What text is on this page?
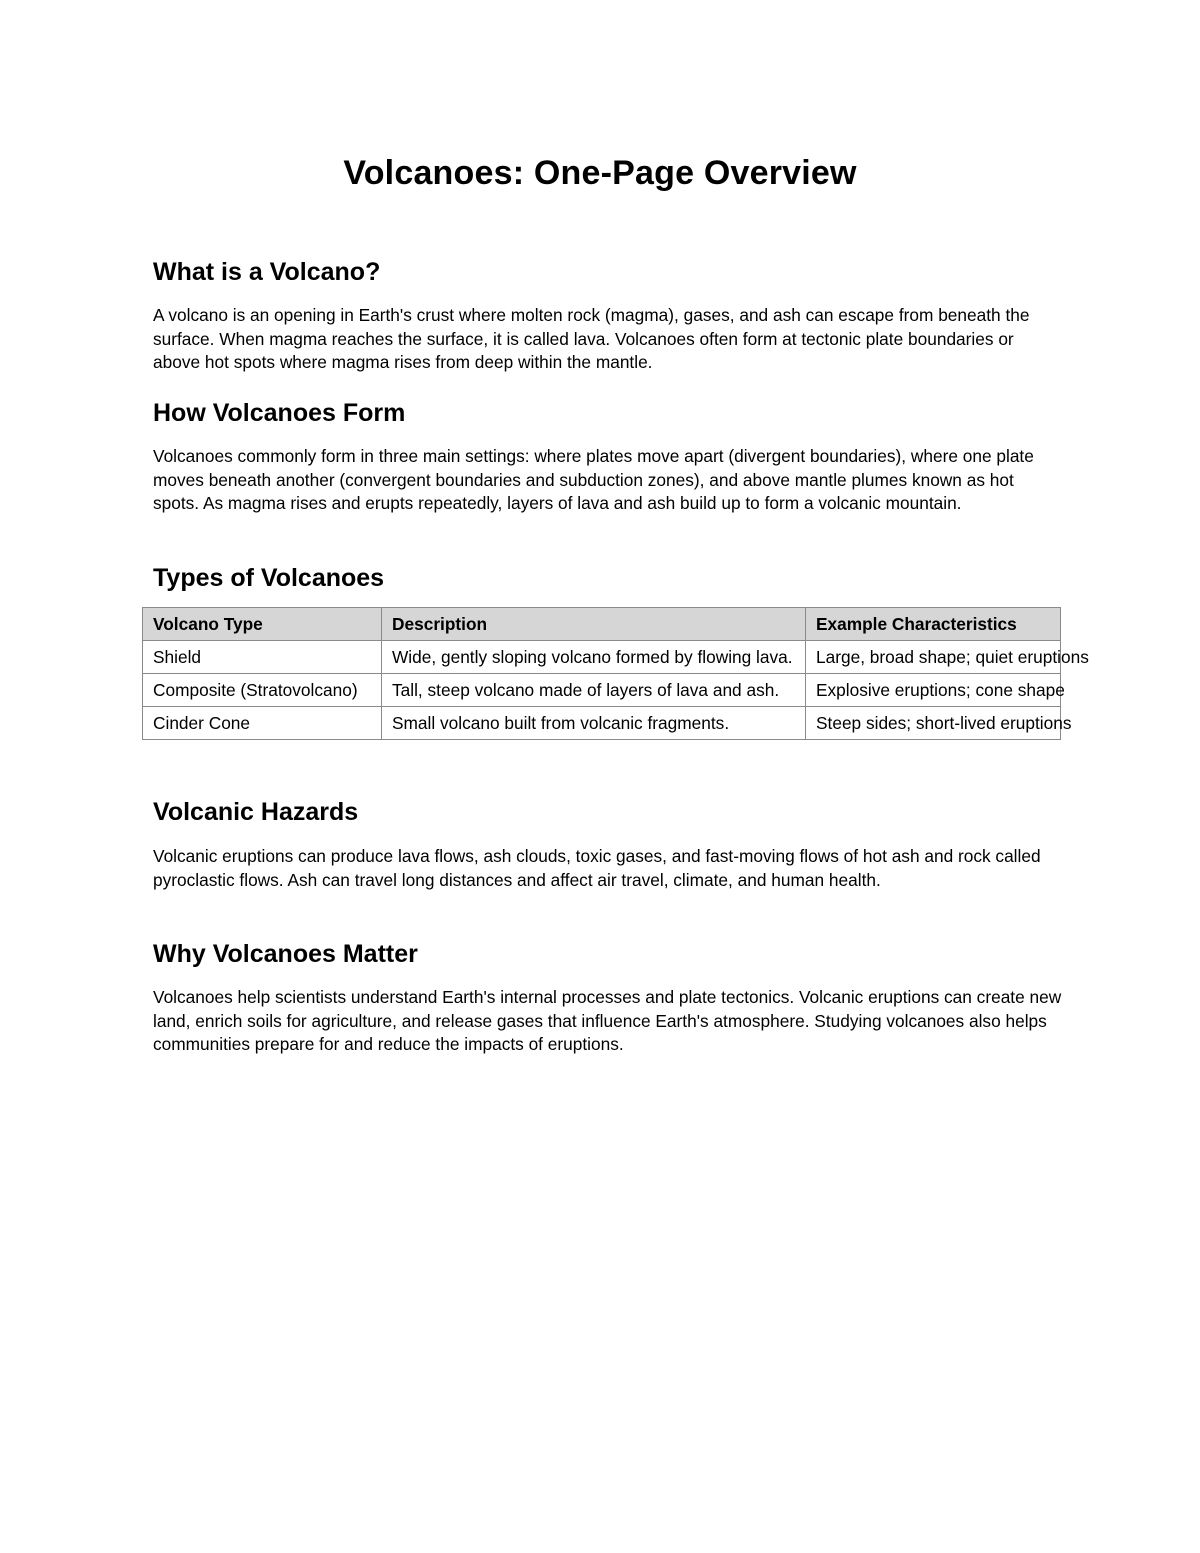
Volcanoes: One-Page Overview
What is a Volcano?

A volcano is an opening in Earth's crust where molten rock (magma), gases, and ash can escape from beneath the surface. When magma reaches the surface, it is called lava. Volcanoes often form at tectonic plate boundaries or above hot spots where magma rises from deep within the mantle.

How Volcanoes Form

Volcanoes commonly form in three main settings: where plates move apart (divergent boundaries), where one plate moves beneath another (convergent boundaries and subduction zones), and above mantle plumes known as hot spots. As magma rises and erupts repeatedly, layers of lava and ash build up to form a volcanic mountain.

Types of Volcanoes
Volcano Type	Description	Example Characteristics
Shield	Wide, gently sloping volcano formed by flowing lava.	Large, broad shape; quiet eruptions
Composite (Stratovolcano)	Tall, steep volcano made of layers of lava and ash.	Explosive eruptions; cone shape
Cinder Cone	Small volcano built from volcanic fragments.	Steep sides; short-lived eruptions
Volcanic Hazards

Volcanic eruptions can produce lava flows, ash clouds, toxic gases, and fast-moving flows of hot ash and rock called pyroclastic flows. Ash can travel long distances and affect air travel, climate, and human health.

Why Volcanoes Matter

Volcanoes help scientists understand Earth's internal processes and plate tectonics. Volcanic eruptions can create new land, enrich soils for agriculture, and release gases that influence Earth's atmosphere. Studying volcanoes also helps communities prepare for and reduce the impacts of eruptions.
